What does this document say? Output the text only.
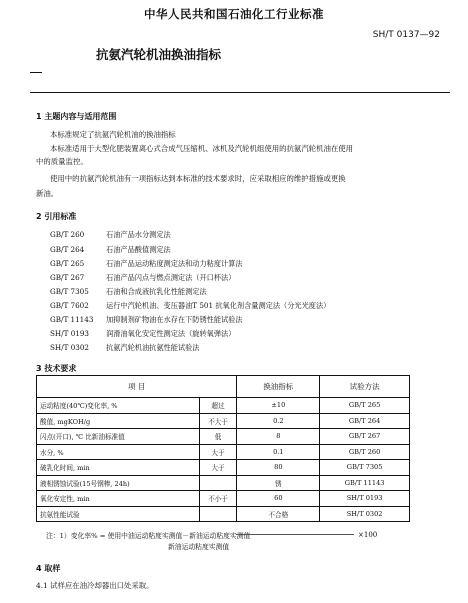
中华人民共和国石油化工行业标准
SH/T 0137—92
抗氨汽轮机油换油指标
1 主题内容与适用范围
本标准规定了抗氨汽轮机油的换油指标
本标准适用于大型化肥装置离心式合成气压缩机、冰机及汽轮机组使用的抗氨汽轮机油在使用
中的质量监控。
使用中的抗氨汽轮机油有一项指标达到本标准的技术要求时，应采取相应的维护措施或更换
新油。
2 引用标准
GB/T 260	石油产品水分测定法
GB/T 264	石油产品酸值测定法
GB/T 265	石油产品运动粘度测定法和动力粘度计算法
GB/T 267	石油产品闪点与燃点测定法（开口杯法）
GB/T 7305 石油和合成液抗乳化性能测定法
GB/T 7602 运行中汽轮机油、变压器油T 501 抗氧化剂含量测定法（分光光度法）
GB/T 11143 加抑制剂矿物油在水存在下防锈性能试验法
SH/T 0193 润滑油氧化安定性测定法（旋转氧弹法）
SH/T 0302 抗氨汽轮机油抗氨性能试验法
3 技术要求
项 目		换油指标	试验方法
运动粘度(40℃)变化率, %	超过	±10	GB/T 265
酸值, mgKOH/g	不大于	0.2	GB/T 264
闪点(开口), ℃ 比新油标准值	低	8	GB/T 267
水分, %	大于	0.1	GB/T 260
破乳化时间, min	大于	80	GB/T 7305
液相锈蚀试验(15号钢棒, 24h)		锈	GB/T 11143
氧化安定性, min	不小于	60	SH/T 0193
抗氨性能试验		不合格	SH/T 0302
注：1）变化率% = 使用中油运动粘度实测值－新油运动粘度实测值
新油运动粘度实测值
×100
4 取样
4.1 试样应在油冷却器出口处采取。
